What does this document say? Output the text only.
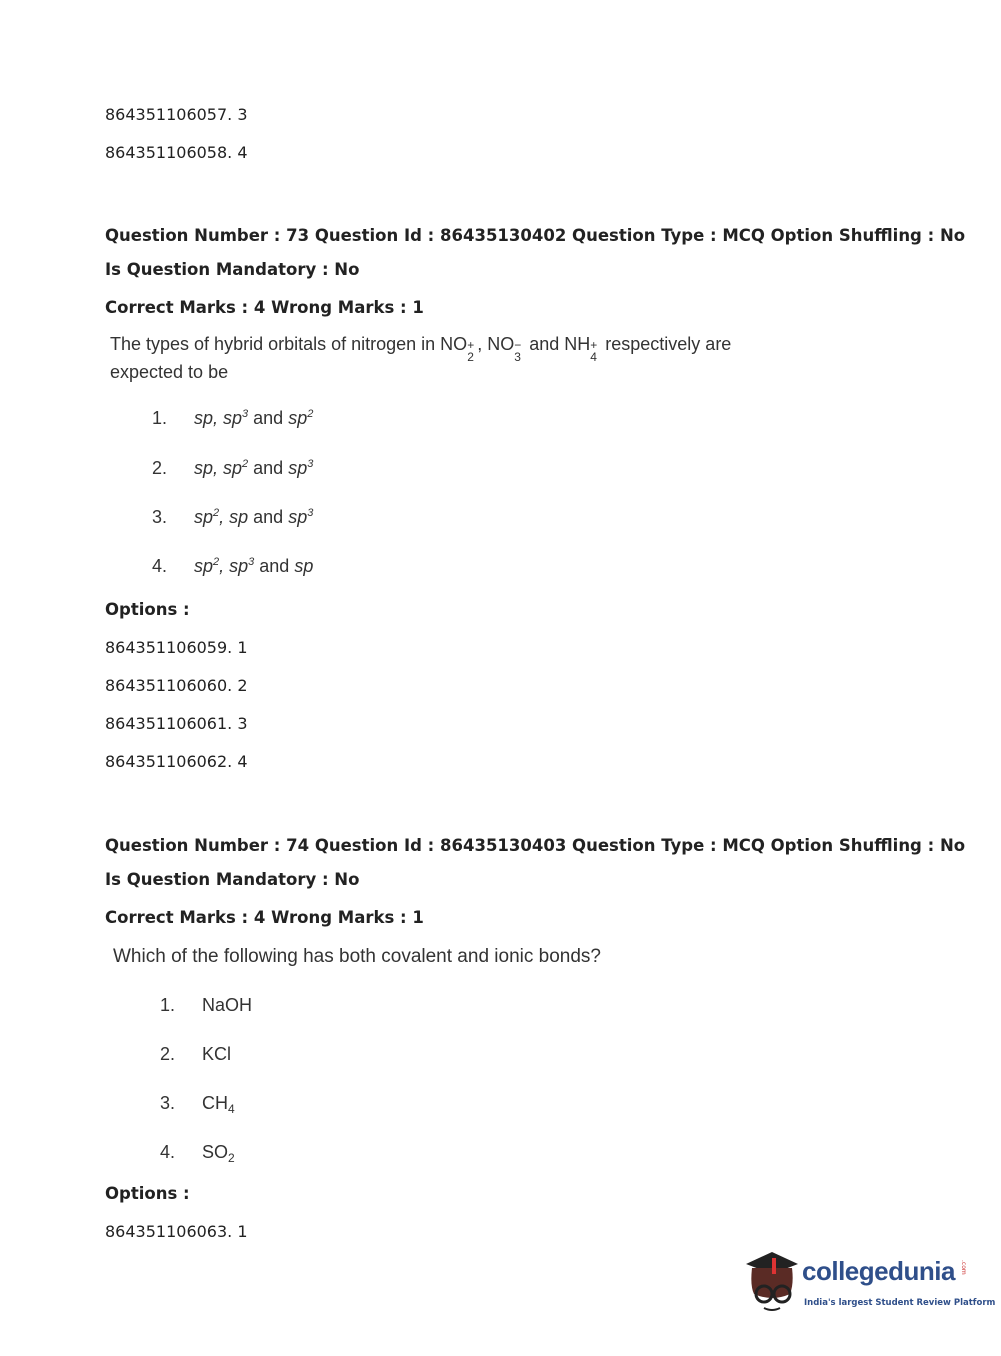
864351106057. 3
864351106058. 4
Question Number : 73 Question Id : 86435130402 Question Type : MCQ Option Shuffling : No
Is Question Mandatory : No
Correct Marks : 4 Wrong Marks : 1
The types of hybrid orbitals of nitrogen in NO +
2
, NO −
3
and NH +
4
respectively are
expected to be
1. sp, $sp^3$ and $sp^2$
2. sp, $sp^2$ and $sp^3$
3. $sp^2$, sp and $sp^3$
4. $sp^2$, $sp^3$ and sp
Options :
864351106059. 1
864351106060. 2
864351106061. 3
864351106062. 4
Question Number : 74 Question Id : 86435130403 Question Type : MCQ Option Shuffling : No
Is Question Mandatory : No
Correct Marks : 4 Wrong Marks : 1
Which of the following has both covalent and ionic bonds?
1. NaOH
2. KCl
3. $CH_4$
4. $SO_2$
Options :
864351106063. 1
collegedunia .com
India's largest Student Review Platform
